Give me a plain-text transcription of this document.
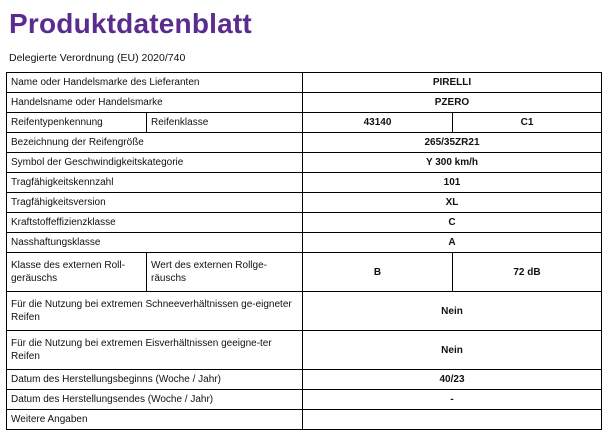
Produktdatenblatt
Delegierte Verordnung (EU) 2020/740
Name oder Handelsmarke des Lieferanten		PIRELLI	
Handelsname oder Handelsmarke		PZERO	
Reifentypenkennung	Reifenklasse	43140	C1
Bezeichnung der Reifengröße		265/35ZR21	
Symbol der Geschwindigkeitskategorie		Y 300 km/h	
Tragfähigkeitskennzahl		101	
Tragfähigkeitsversion		XL	
Kraftstoffeffizienzklasse		C	
Nasshaftungsklasse		A	
Klasse des externen Roll-geräuschs	Wert des externen Rollge-räuschs	B	72 dB
Für die Nutzung bei extremen Schneeverhältnissen ge-eigneter Reifen		Nein	
Für die Nutzung bei extremen Eisverhältnissen geeigne-ter Reifen		Nein	
Datum des Herstellungsbeginns (Woche / Jahr)		40/23	
Datum des Herstellungsendes (Woche / Jahr)		-	
Weitere Angaben			
